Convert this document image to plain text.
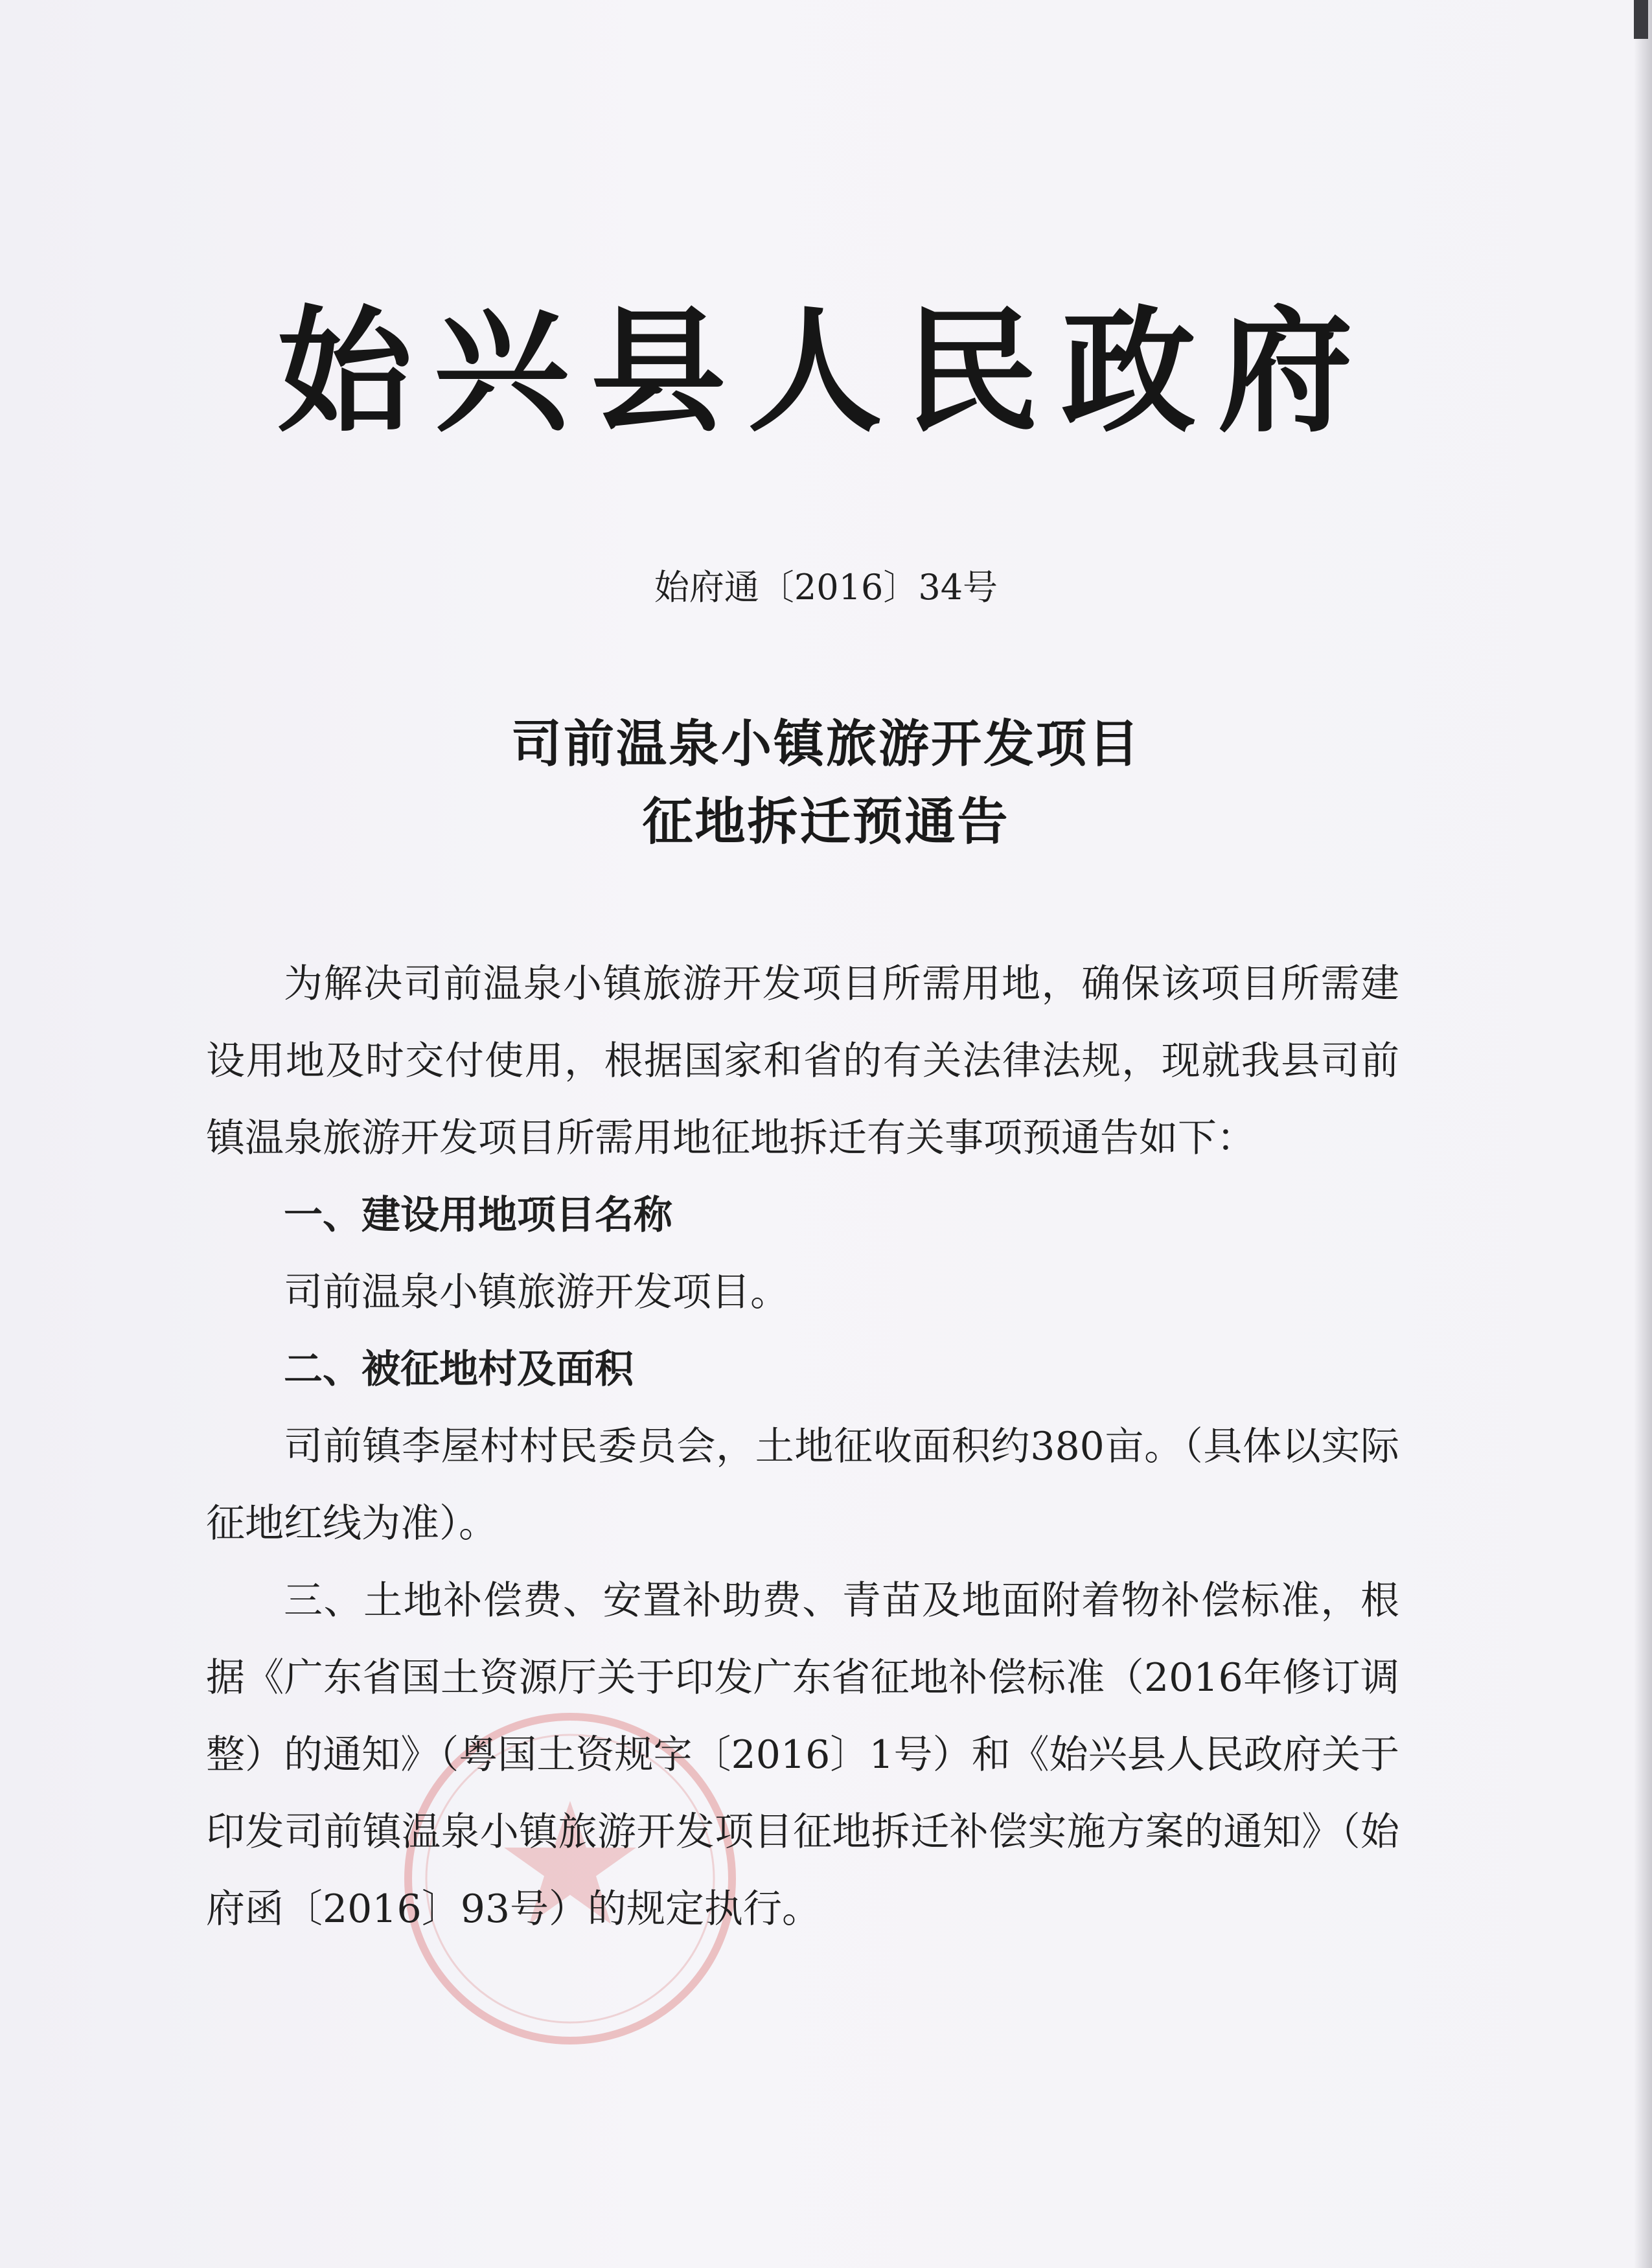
始兴县人民政府
始府通〔2016〕34号
司前温泉小镇旅游开发项目
征地拆迁预通告

为解决司前温泉小镇旅游开发项目所需用地，确保该项目所需建设用地及时交付使用，根据国家和省的有关法律法规，现就我县司前镇温泉旅游开发项目所需用地征地拆迁有关事项预通告如下：

一、建设用地项目名称

司前温泉小镇旅游开发项目。

二、被征地村及面积

司前镇李屋村村民委员会，土地征收面积约380亩。（具体以实际征地红线为准）。

三、土地补偿费、安置补助费、青苗及地面附着物补偿标准，根据《广东省国土资源厅关于印发广东省征地补偿标准（2016年修订调整）的通知》（粤国土资规字〔2016〕1号）和《始兴县人民政府关于印发司前镇温泉小镇旅游开发项目征地拆迁补偿实施方案的通知》（始府函〔2016〕93号）的规定执行。
